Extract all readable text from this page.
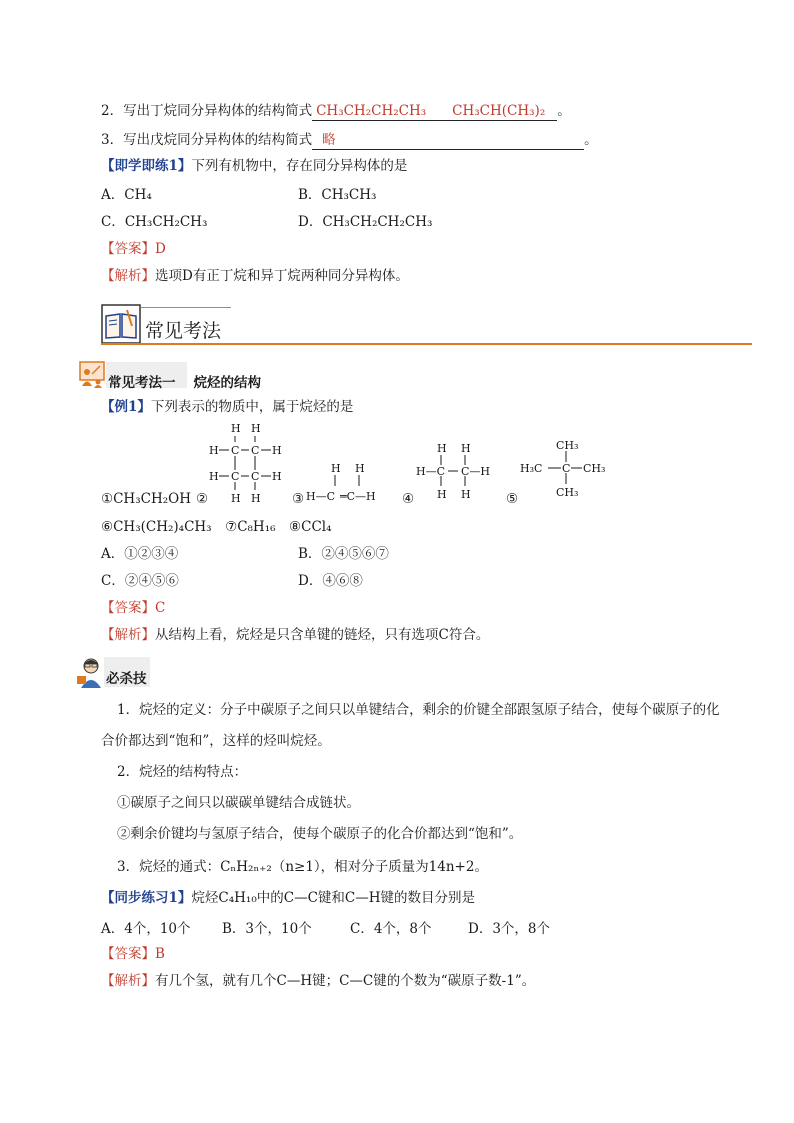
2．写出丁烷同分异构体的结构简式 CH₃CH₂CH₂CH₃ CH₃CH(CH₃)₂ 。
3．写出戊烷同分异构体的结构简式 略	。
【即学即练1】下列有机物中，存在同分异构体的是
A．CH₄	B．CH₃CH₃
C．CH₃CH₂CH₃	D．CH₃CH₂CH₂CH₃
【答案】D
【解析】选项D有正丁烷和异丁烷两种同分异构体。
常见考法
常见考法一 烷烃的结构
【例1】下列表示的物质中，属于烷烃的是
①CH₃CH₂OH ②	③	④	⑤
H H
C C
C C
H	H
H	H
H H
H H
H—C ═C—H
H H
H—C C—H
H H
CH₃
H₃C C CH₃
CH₃
⑥CH₃(CH₂)₄CH₃　⑦C₈H₁₆　⑧CCl₄
A．①②③④	B．②④⑤⑥⑦
C．②④⑤⑥	D．④⑥⑧
【答案】C
【解析】从结构上看，烷烃是只含单键的链烃，只有选项C符合。
必杀技
1．烷烃的定义：分子中碳原子之间只以单键结合，剩余的价键全部跟氢原子结合，使每个碳原子的化
合价都达到“饱和”，这样的烃叫烷烃。
2．烷烃的结构特点：
①碳原子之间只以碳碳单键结合成链状。
②剩余价键均与氢原子结合，使每个碳原子的化合价都达到“饱和”。
3．烷烃的通式：CₙH₂ₙ₊₂（n≥1），相对分子质量为14n+2。
【同步练习1】烷烃C₄H₁₀中的C—C键和C—H键的数目分别是
A．4个，10个 B．3个，10个	C．4个，8个	D．3个，8个
【答案】B
【解析】有几个氢，就有几个C—H键；C—C键的个数为“碳原子数-1”。
